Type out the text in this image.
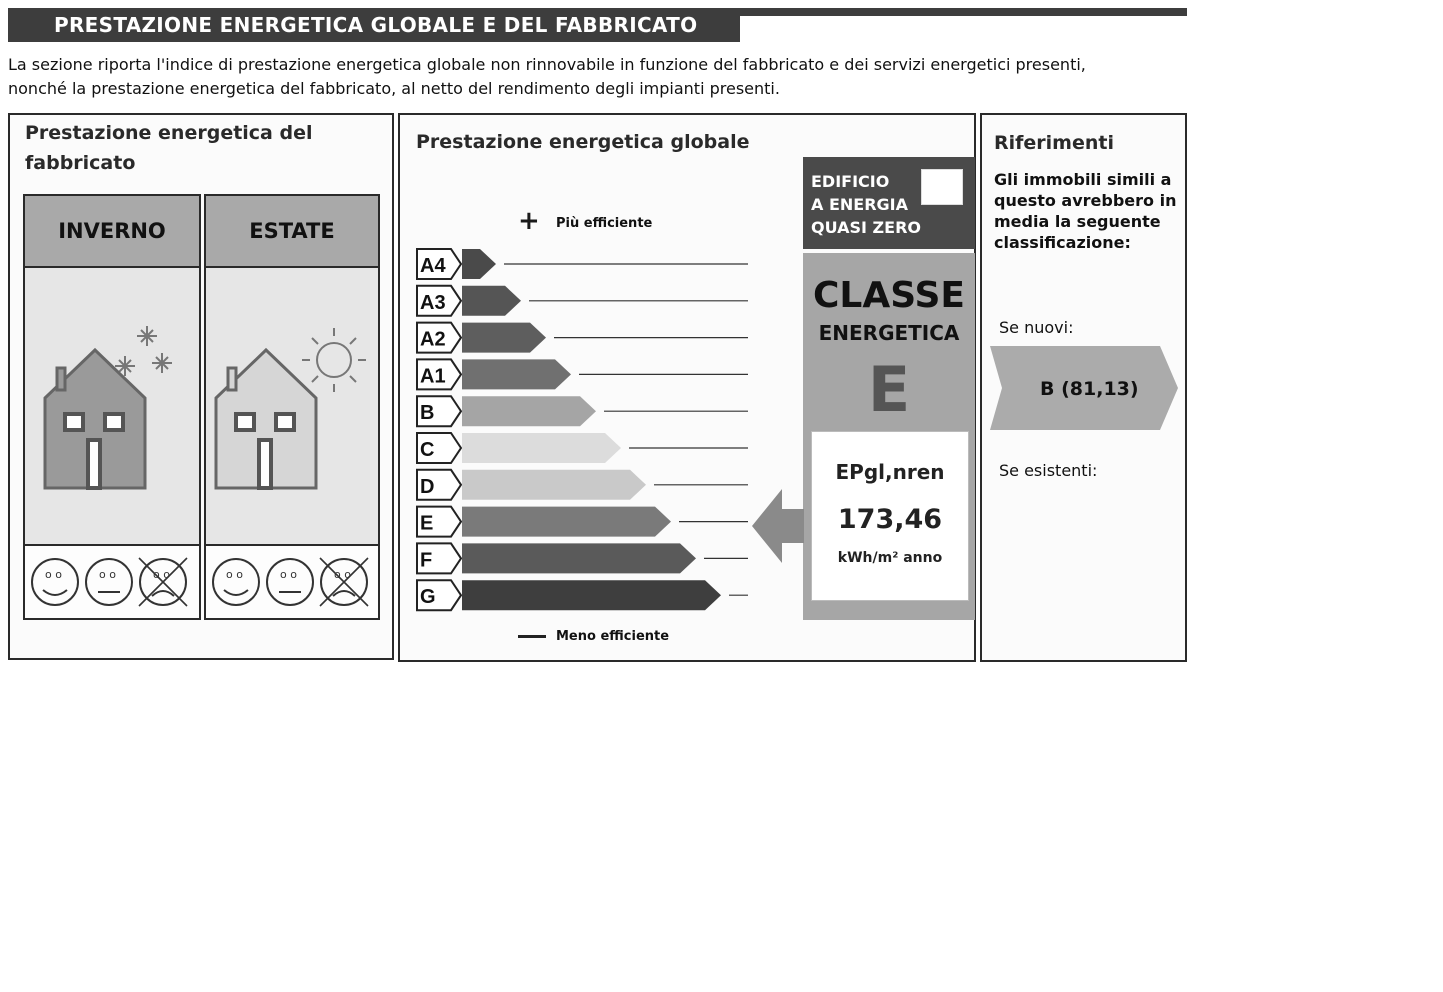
PRESTAZIONE ENERGETICA GLOBALE E DEL FABBRICATO
La sezione riporta l'indice di prestazione energetica globale non rinnovabile in funzione del fabbricato e dei servizi energetici presenti,
nonché la prestazione energetica del fabbricato, al netto del rendimento degli impianti presenti.
Prestazione energetica del fabbricato
INVERNO
o o	o o	o o
ESTATE
o o	o o	o o
Prestazione energetica globale
+ Più efficiente
A4
A3
A2
A1
B
C
D
E
F
G
Meno efficiente
EDIFICIO
A ENERGIA
QUASI ZERO
CLASSE
ENERGETICA
E
EPgl,nren
173,46
kWh/m² anno
Riferimenti
Gli immobili simili a
questo avrebbero in
media la seguente
classificazione:
Se nuovi:
B (81,13)
Se esistenti:
